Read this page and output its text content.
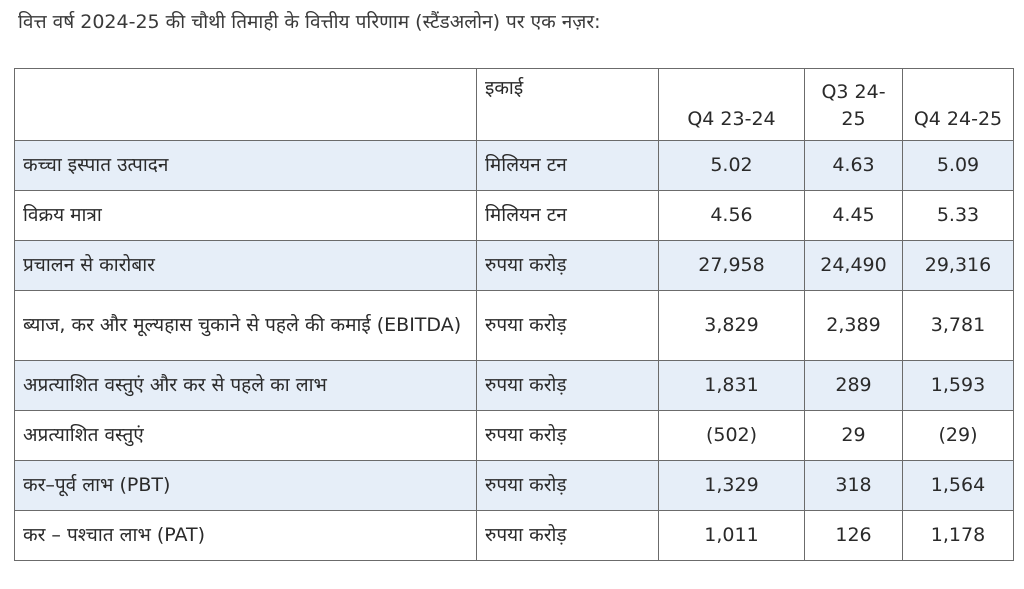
वित्त वर्ष 2024-25 की चौथी तिमाही के वित्तीय परिणाम (स्टैंडअलोन) पर एक नज़र:
	इकाई	Q4 23-24	Q3 24-25	Q4 24-25
कच्चा इस्पात उत्पादन	मिलियन टन	5.02	4.63	5.09
विक्रय मात्रा	मिलियन टन	4.56	4.45	5.33
प्रचालन से कारोबार	रुपया करोड़	27,958	24,490	29,316
ब्याज, कर और मूल्यहास चुकाने से पहले की कमाई (EBITDA)	रुपया करोड़	3,829	2,389	3,781
अप्रत्याशित वस्तुएं और कर से पहले का लाभ	रुपया करोड़	1,831	289	1,593
अप्रत्याशित वस्तुएं	रुपया करोड़	(502)	29	(29)
कर–पूर्व लाभ (PBT)	रुपया करोड़	1,329	318	1,564
कर – पश्चात लाभ (PAT)	रुपया करोड़	1,011	126	1,178
